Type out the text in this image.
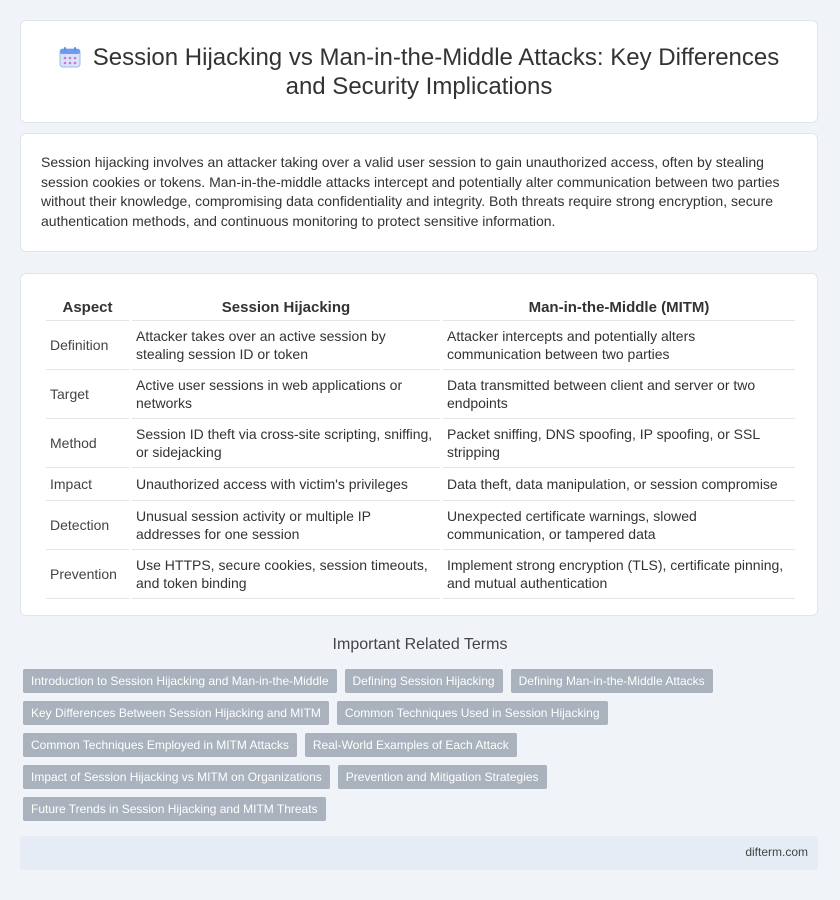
Session Hijacking vs Man-in-the-Middle Attacks: Key Differences and Security Implications

Session hijacking involves an attacker taking over a valid user session to gain unauthorized access, often by stealing session cookies or tokens. Man-in-the-middle attacks intercept and potentially alter communication between two parties without their knowledge, compromising data confidentiality and integrity. Both threats require strong encryption, secure authentication methods, and continuous monitoring to protect sensitive information.

Aspect	Session Hijacking	Man-in-the-Middle (MITM)
Definition	Attacker takes over an active session by stealing session ID or token	Attacker intercepts and potentially alters communication between two parties
Target	Active user sessions in web applications or networks	Data transmitted between client and server or two endpoints
Method	Session ID theft via cross-site scripting, sniffing, or sidejacking	Packet sniffing, DNS spoofing, IP spoofing, or SSL stripping
Impact	Unauthorized access with victim's privileges	Data theft, data manipulation, or session compromise
Detection	Unusual session activity or multiple IP addresses for one session	Unexpected certificate warnings, slowed communication, or tampered data
Prevention	Use HTTPS, secure cookies, session timeouts, and token binding	Implement strong encryption (TLS), certificate pinning, and mutual authentication
Important Related Terms
Introduction to Session Hijacking and Man-in-the-Middle	Defining Session Hijacking	Defining Man-in-the-Middle Attacks
Key Differences Between Session Hijacking and MITM	Common Techniques Used in Session Hijacking
Common Techniques Employed in MITM Attacks	Real-World Examples of Each Attack
Impact of Session Hijacking vs MITM on Organizations	Prevention and Mitigation Strategies
Future Trends in Session Hijacking and MITM Threats
difterm.com
